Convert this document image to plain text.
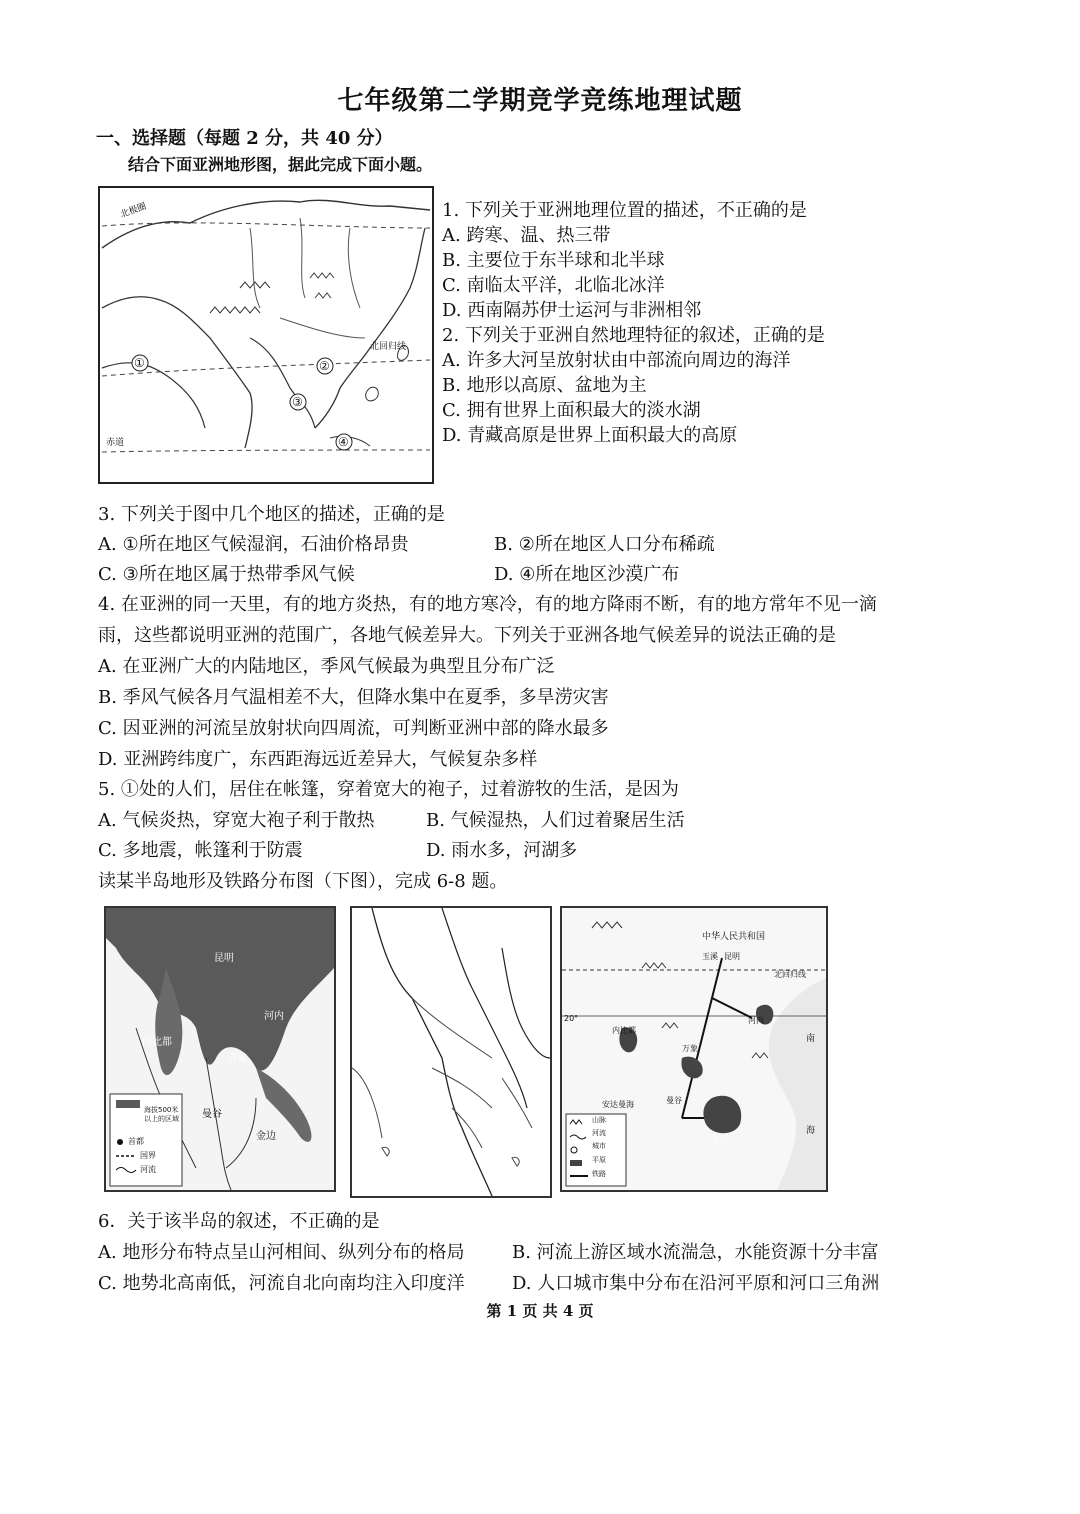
七年级第二学期竞学竞练地理试题
一、选择题（每题 2 分，共 40 分）
结合下面亚洲地形图，据此完成下面小题。
北极圈
北回归线
赤道
①	②
③
④
1. 下列关于亚洲地理位置的描述，不正确的是
A. 跨寒、温、热三带
B. 主要位于东半球和北半球
C. 南临太平洋，北临北冰洋
D. 西南隔苏伊士运河与非洲相邻
2. 下列关于亚洲自然地理特征的叙述，正确的是
A. 许多大河呈放射状由中部流向周边的海洋
B. 地形以高原、盆地为主
C. 拥有世界上面积最大的淡水湖
D. 青藏高原是世界上面积最大的高原
3. 下列关于图中几个地区的描述，正确的是
A. ①所在地区气候湿润，石油价格昂贵	B. ②所在地区人口分布稀疏
C. ③所在地区属于热带季风气候	D. ④所在地区沙漠广布
4. 在亚洲的同一天里，有的地方炎热，有的地方寒冷，有的地方降雨不断，有的地方常年不见一滴
雨，这些都说明亚洲的范围广，各地气候差异大。下列关于亚洲各地气候差异的说法正确的是
A. 在亚洲广大的内陆地区，季风气候最为典型且分布广泛
B. 季风气候各月气温相差不大，但降水集中在夏季，多旱涝灾害
C. 因亚洲的河流呈放射状向四周流，可判断亚洲中部的降水最多
D. 亚洲跨纬度广，东西距海远近差异大，气候复杂多样
5. ①处的人们，居住在帐篷，穿着宽大的袍子，过着游牧的生活，是因为
A. 气候炎热，穿宽大袍子利于散热	B. 气候湿热，人们过着聚居生活
C. 多地震，帐篷利于防震	D. 雨水多，河湖多
读某半岛地形及铁路分布图（下图），完成 6-8 题。
昆明
内比都
河内
万象
曼谷
金边
海拔500米以上的区域
首都
国界
河流
中华人民共和国
玉溪 昆明
北回归线
20°
内比都
河内
万象
曼谷
金边
安达曼海
南
海
山脉
河流
城市
平原
铁路
6．关于该半岛的叙述，不正确的是
A. 地形分布特点呈山河相间、纵列分布的格局	B. 河流上游区域水流湍急，水能资源十分丰富
C. 地势北高南低，河流自北向南均注入印度洋	D. 人口城市集中分布在沿河平原和河口三角洲
第 1 页 共 4 页
